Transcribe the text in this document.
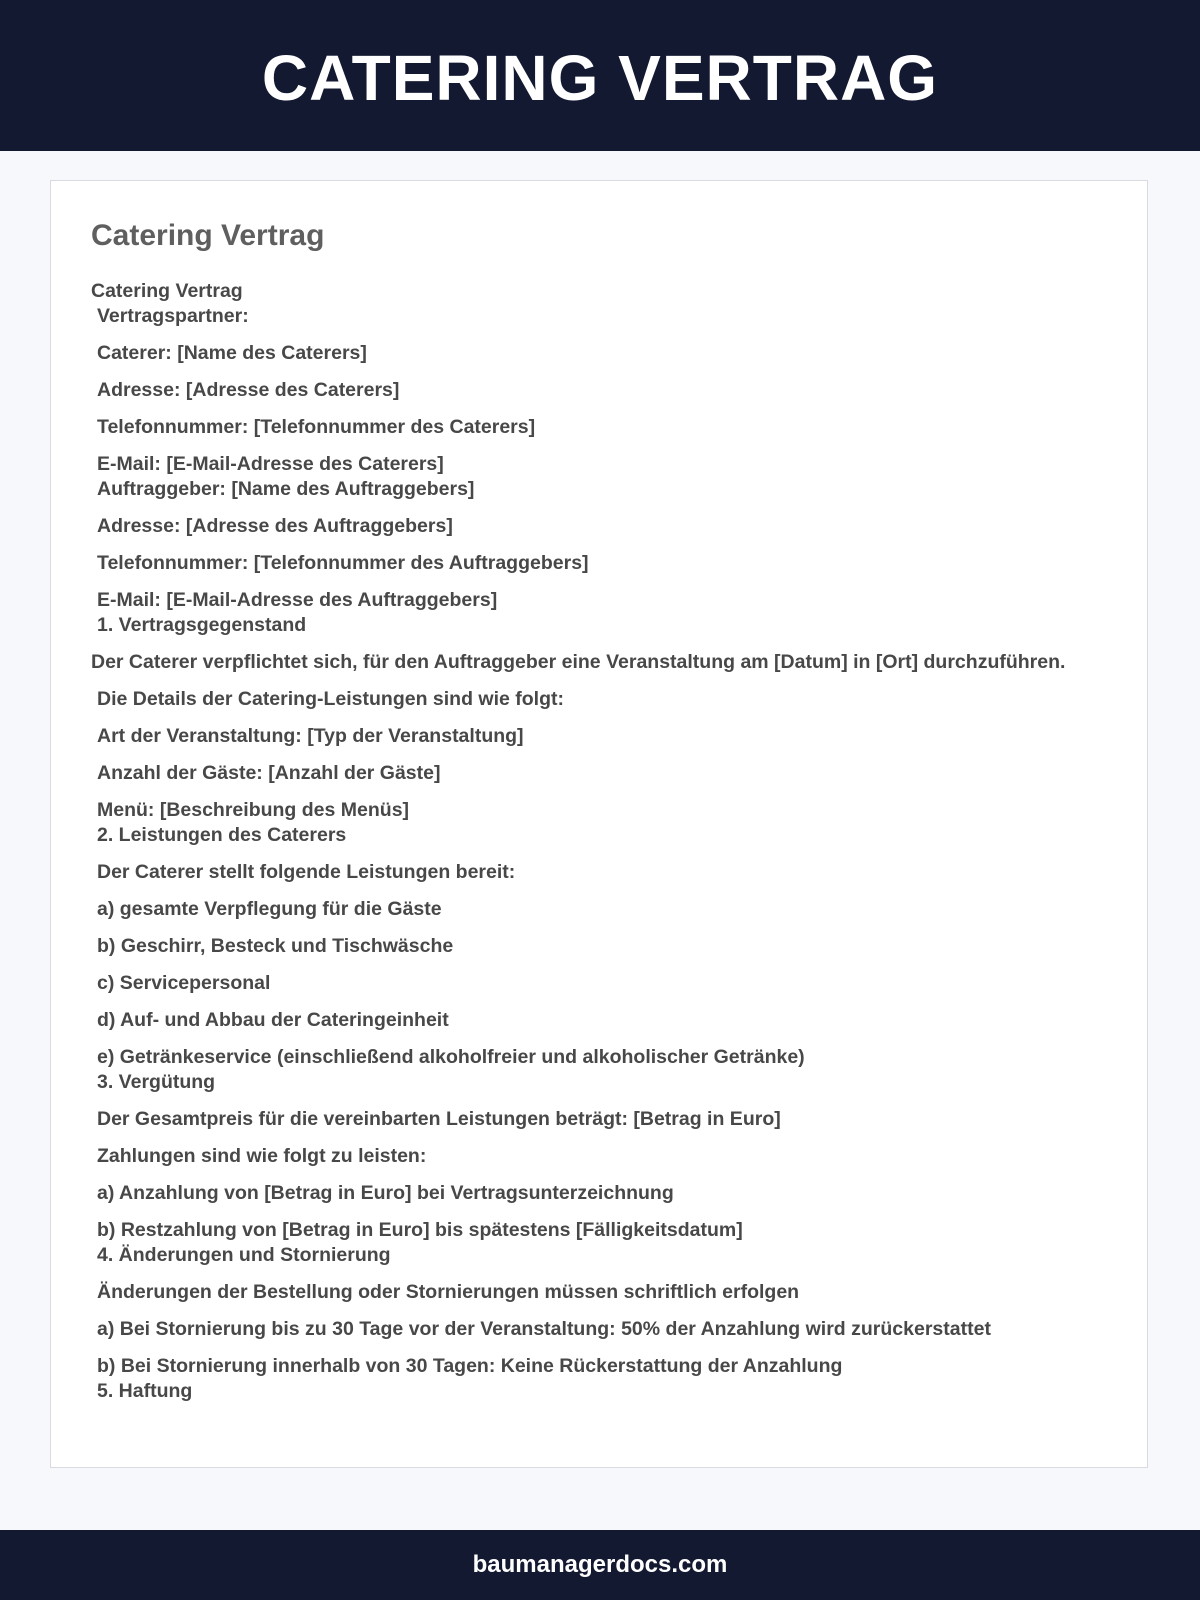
CATERING VERTRAG
Catering Vertrag
Catering Vertrag
Vertragspartner:
Caterer: [Name des Caterers]
Adresse: [Adresse des Caterers]
Telefonnummer: [Telefonnummer des Caterers]
E-Mail: [E-Mail-Adresse des Caterers]
Auftraggeber: [Name des Auftraggebers]
Adresse: [Adresse des Auftraggebers]
Telefonnummer: [Telefonnummer des Auftraggebers]
E-Mail: [E-Mail-Adresse des Auftraggebers]
1. Vertragsgegenstand
Der Caterer verpflichtet sich, für den Auftraggeber eine Veranstaltung am [Datum] in [Ort] durchzuführen.
Die Details der Catering-Leistungen sind wie folgt:
Art der Veranstaltung: [Typ der Veranstaltung]
Anzahl der Gäste: [Anzahl der Gäste]
Menü: [Beschreibung des Menüs]
2. Leistungen des Caterers
Der Caterer stellt folgende Leistungen bereit:
a) gesamte Verpflegung für die Gäste
b) Geschirr, Besteck und Tischwäsche
c) Servicepersonal
d) Auf- und Abbau der Cateringeinheit
e) Getränkeservice (einschließend alkoholfreier und alkoholischer Getränke)
3. Vergütung
Der Gesamtpreis für die vereinbarten Leistungen beträgt: [Betrag in Euro]
Zahlungen sind wie folgt zu leisten:
a) Anzahlung von [Betrag in Euro] bei Vertragsunterzeichnung
b) Restzahlung von [Betrag in Euro] bis spätestens [Fälligkeitsdatum]
4. Änderungen und Stornierung
Änderungen der Bestellung oder Stornierungen müssen schriftlich erfolgen
a) Bei Stornierung bis zu 30 Tage vor der Veranstaltung: 50% der Anzahlung wird zurückerstattet
b) Bei Stornierung innerhalb von 30 Tagen: Keine Rückerstattung der Anzahlung
5. Haftung
baumanagerdocs.com
